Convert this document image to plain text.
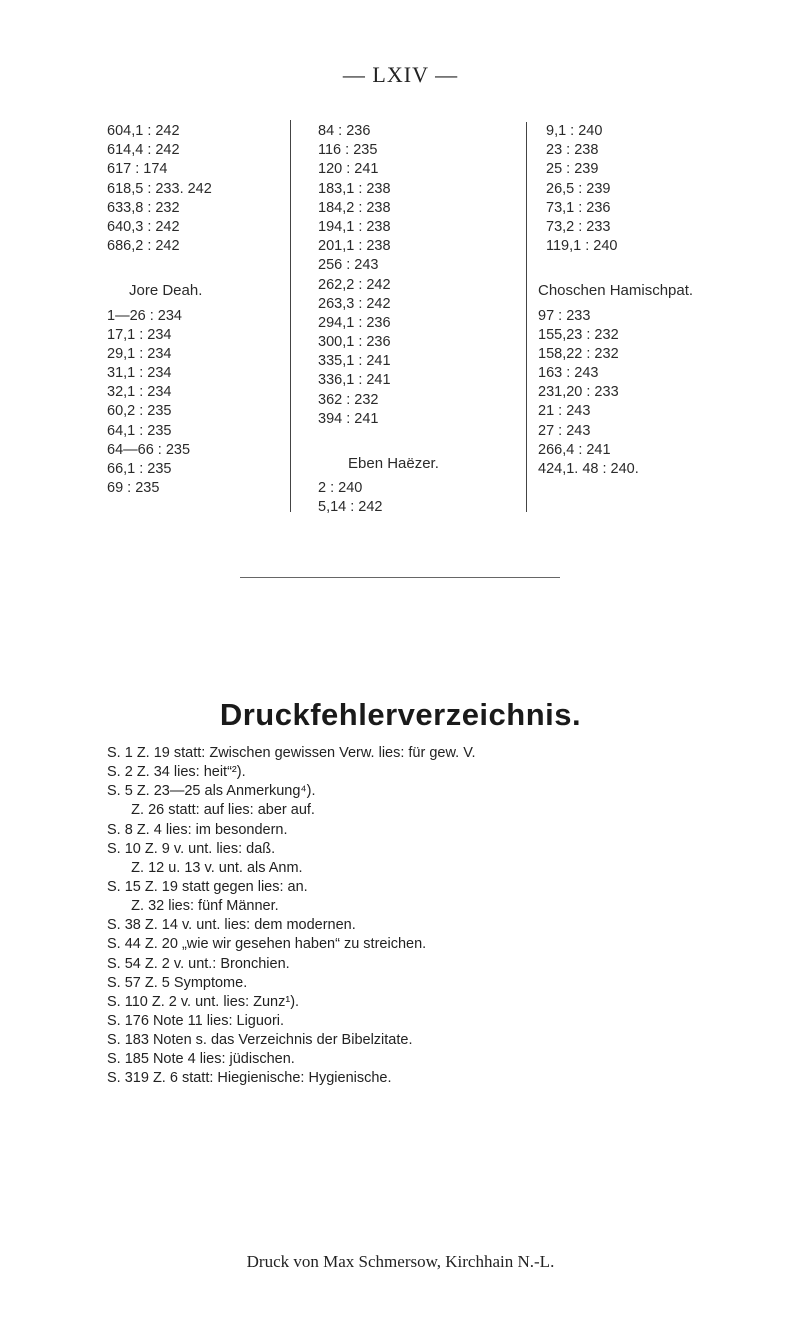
— LXIV —
604,1 : 242
614,4 : 242
617 : 174
618,5 : 233. 242
633,8 : 232
640,3 : 242
686,2 : 242
Jore Deah.
1—26 : 234
17,1 : 234
29,1 : 234
31,1 : 234
32,1 : 234
60,2 : 235
64,1 : 235
64—66 : 235
66,1 : 235
69 : 235
84 : 236
116 : 235
120 : 241
183,1 : 238
184,2 : 238
194,1 : 238
201,1 : 238
256 : 243
262,2 : 242
263,3 : 242
294,1 : 236
300,1 : 236
335,1 : 241
336,1 : 241
362 : 232
394 : 241
Eben Haëzer.
2 : 240
5,14 : 242
9,1 : 240
23 : 238
25 : 239
26,5 : 239
73,1 : 236
73,2 : 233
119,1 : 240
Choschen Hamischpat.
97 : 233
155,23 : 232
158,22 : 232
163 : 243
231,20 : 233
21 : 243
27 : 243
266,4 : 241
424,1. 48 : 240.
Druckfehlerverzeichnis.
S. 1 Z. 19 statt: Zwischen gewissen Verw. lies: für gew. V.
S. 2 Z. 34 lies: heit“²).
S. 5 Z. 23—25 als Anmerkung⁴).
Z. 26 statt: auf lies: aber auf.
S. 8 Z. 4 lies: im besondern.
S. 10 Z. 9 v. unt. lies: daß.
Z. 12 u. 13 v. unt. als Anm.
S. 15 Z. 19 statt gegen lies: an.
Z. 32 lies: fünf Männer.
S. 38 Z. 14 v. unt. lies: dem modernen.
S. 44 Z. 20 „wie wir gesehen haben“ zu streichen.
S. 54 Z. 2 v. unt.: Bronchien.
S. 57 Z. 5 Symptome.
S. 110 Z. 2 v. unt. lies: Zunz¹).
S. 176 Note 11 lies: Liguori.
S. 183 Noten s. das Verzeichnis der Bibelzitate.
S. 185 Note 4 lies: jüdischen.
S. 319 Z. 6 statt: Hiegienische: Hygienische.
Druck von Max Schmersow, Kirchhain N.-L.
